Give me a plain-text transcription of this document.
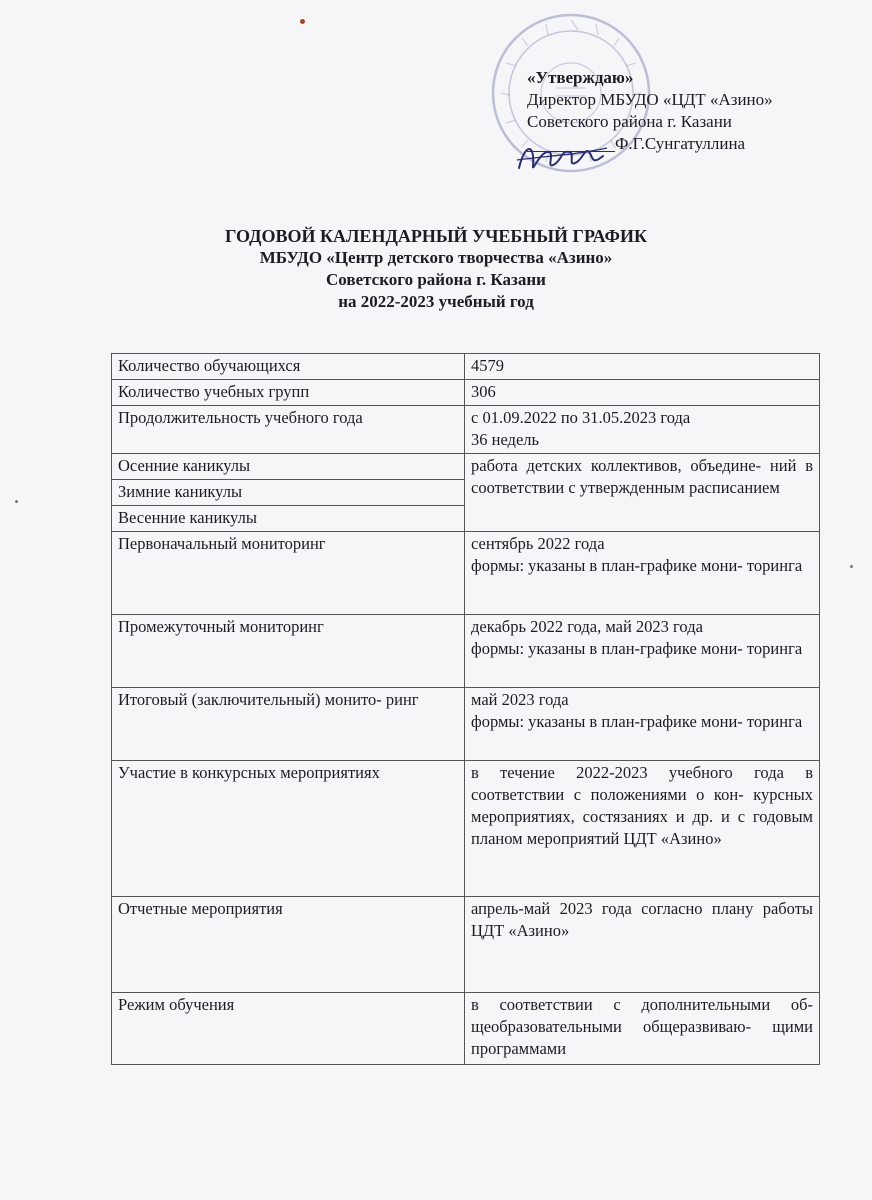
«Утверждаю»
Директор МБУДО «ЦДТ «Азино»
Советского района г. Казани
Ф.Г.Сунгатуллина
ГОДОВОЙ КАЛЕНДАРНЫЙ УЧЕБНЫЙ ГРАФИК
МБУДО «Центр детского творчества «Азино»
Советского района г. Казани
на 2022-2023 учебный год
Количество обучающихся	4579
Количество учебных групп	306
Продолжительность учебного года	с 01.09.2022 по 31.05.2023 года
36 недель

Осенние каникулы	работа детских коллективов, объедине- ний в соответствии с утвержденным расписанием
Зимние каникулы	
Весенние каникулы	
Первоначальный мониторинг	сентябрь 2022 года
формы: указаны в план-графике мони- торинга

Промежуточный мониторинг	декабрь 2022 года, май 2023 года
формы: указаны в план-графике мони- торинга

Итоговый (заключительный) монито- ринг	май 2023 года
формы: указаны в план-графике мони- торинга

Участие в конкурсных мероприятиях	в течение 2022-2023 учебного года в соответствии с положениями о кон- курсных мероприятиях, состязаниях и др. и с годовым планом мероприятий ЦДТ «Азино»
Отчетные мероприятия	апрель-май 2023 года согласно плану работы ЦДТ «Азино»
Режим обучения	в соответствии с дополнительными об- щеобразовательными общеразвиваю- щими программами
